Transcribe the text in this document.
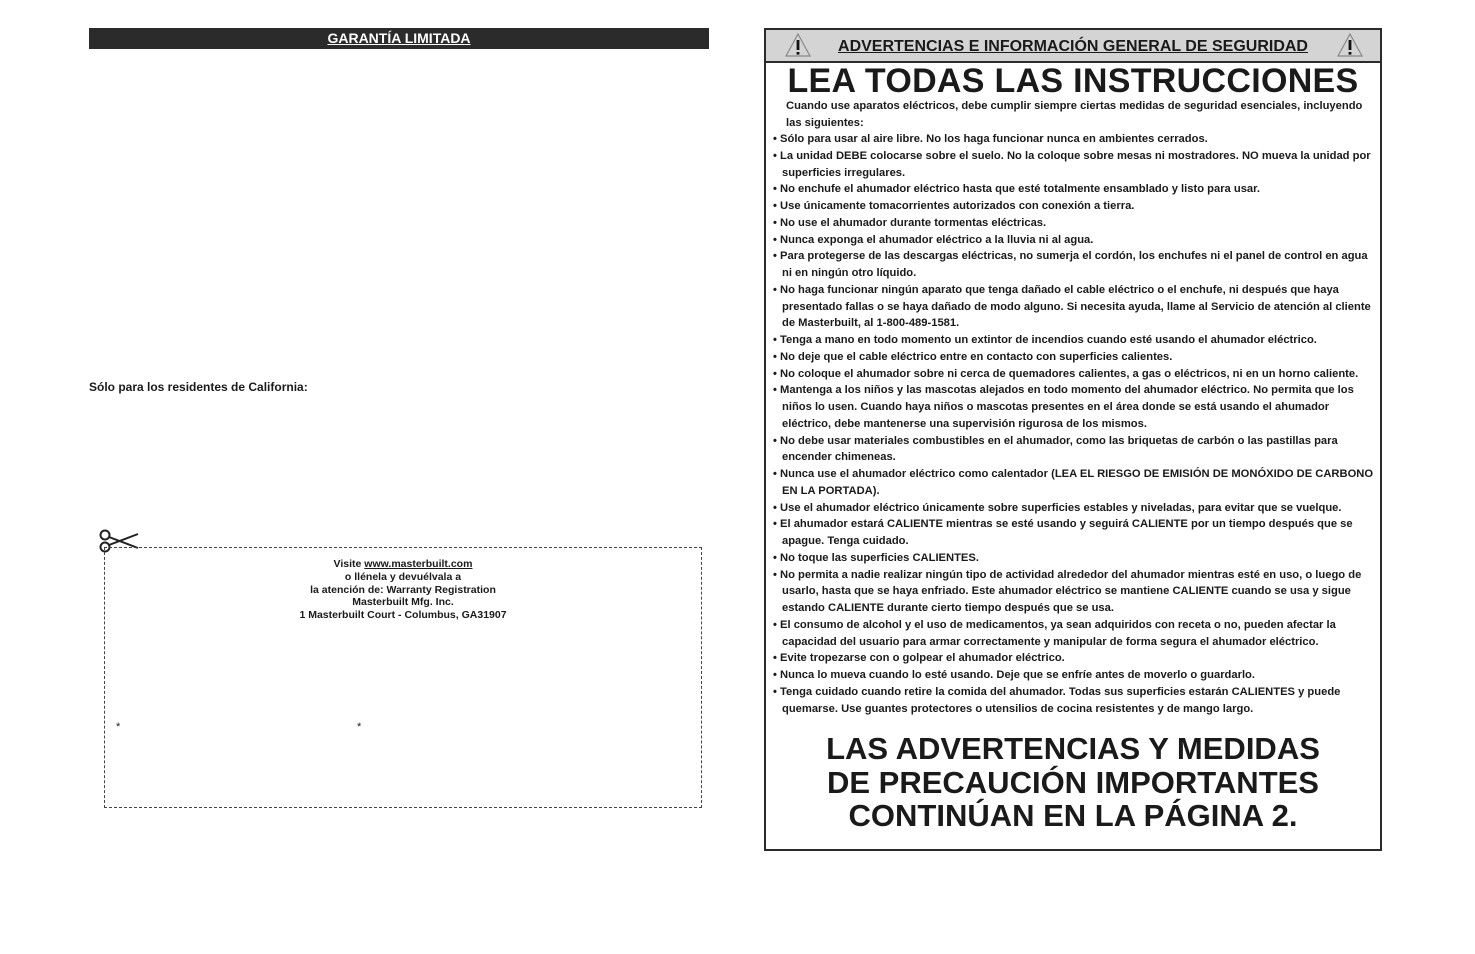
GARANTÍA LIMITADA
Sólo para los residentes de California:
Visite www.masterbuilt.com
o llénela y devuélvala a
la atención de: Warranty Registration
Masterbuilt Mfg. Inc.
1 Masterbuilt Court - Columbus, GA31907
*	*
ADVERTENCIAS E INFORMACIÓN GENERAL DE SEGURIDAD
LEA TODAS LAS INSTRUCCIONES
Cuando use aparatos eléctricos, debe cumplir siempre ciertas medidas de seguridad esenciales, incluyendo las siguientes:
• Sólo para usar al aire libre. No los haga funcionar nunca en ambientes cerrados.
• La unidad DEBE colocarse sobre el suelo. No la coloque sobre mesas ni mostradores. NO mueva la unidad por superficies irregulares.
• No enchufe el ahumador eléctrico hasta que esté totalmente ensamblado y listo para usar.
• Use únicamente tomacorrientes autorizados con conexión a tierra.
• No use el ahumador durante tormentas eléctricas.
• Nunca exponga el ahumador eléctrico a la lluvia ni al agua.
• Para protegerse de las descargas eléctricas, no sumerja el cordón, los enchufes ni el panel de control en agua ni en ningún otro líquido.
• No haga funcionar ningún aparato que tenga dañado el cable eléctrico o el enchufe, ni después que haya presentado fallas o se haya dañado de modo alguno. Si necesita ayuda, llame al Servicio de atención al cliente de Masterbuilt, al 1-800-489-1581.
• Tenga a mano en todo momento un extintor de incendios cuando esté usando el ahumador eléctrico.
• No deje que el cable eléctrico entre en contacto con superficies calientes.
• No coloque el ahumador sobre ni cerca de quemadores calientes, a gas o eléctricos, ni en un horno caliente.
• Mantenga a los niños y las mascotas alejados en todo momento del ahumador eléctrico. No permita que los niños lo usen. Cuando haya niños o mascotas presentes en el área donde se está usando el ahumador eléctrico, debe mantenerse una supervisión rigurosa de los mismos.
• No debe usar materiales combustibles en el ahumador, como las briquetas de carbón o las pastillas para encender chimeneas.
• Nunca use el ahumador eléctrico como calentador (LEA EL RIESGO DE EMISIÓN DE MONÓXIDO DE CARBONO EN LA PORTADA).
• Use el ahumador eléctrico únicamente sobre superficies estables y niveladas, para evitar que se vuelque.
• El ahumador estará CALIENTE mientras se esté usando y seguirá CALIENTE por un tiempo después que se apague. Tenga cuidado.
• No toque las superficies CALIENTES.
• No permita a nadie realizar ningún tipo de actividad alrededor del ahumador mientras esté en uso, o luego de usarlo, hasta que se haya enfriado. Este ahumador eléctrico se mantiene CALIENTE cuando se usa y sigue estando CALIENTE durante cierto tiempo después que se usa.
• El consumo de alcohol y el uso de medicamentos, ya sean adquiridos con receta o no, pueden afectar la capacidad del usuario para armar correctamente y manipular de forma segura el ahumador eléctrico.
• Evite tropezarse con o golpear el ahumador eléctrico.
• Nunca lo mueva cuando lo esté usando. Deje que se enfríe antes de moverlo o guardarlo.
• Tenga cuidado cuando retire la comida del ahumador. Todas sus superficies estarán CALIENTES y puede quemarse. Use guantes protectores o utensilios de cocina resistentes y de mango largo.
LAS ADVERTENCIAS Y MEDIDAS
DE PRECAUCIÓN IMPORTANTES
CONTINÚAN EN LA PÁGINA 2.
